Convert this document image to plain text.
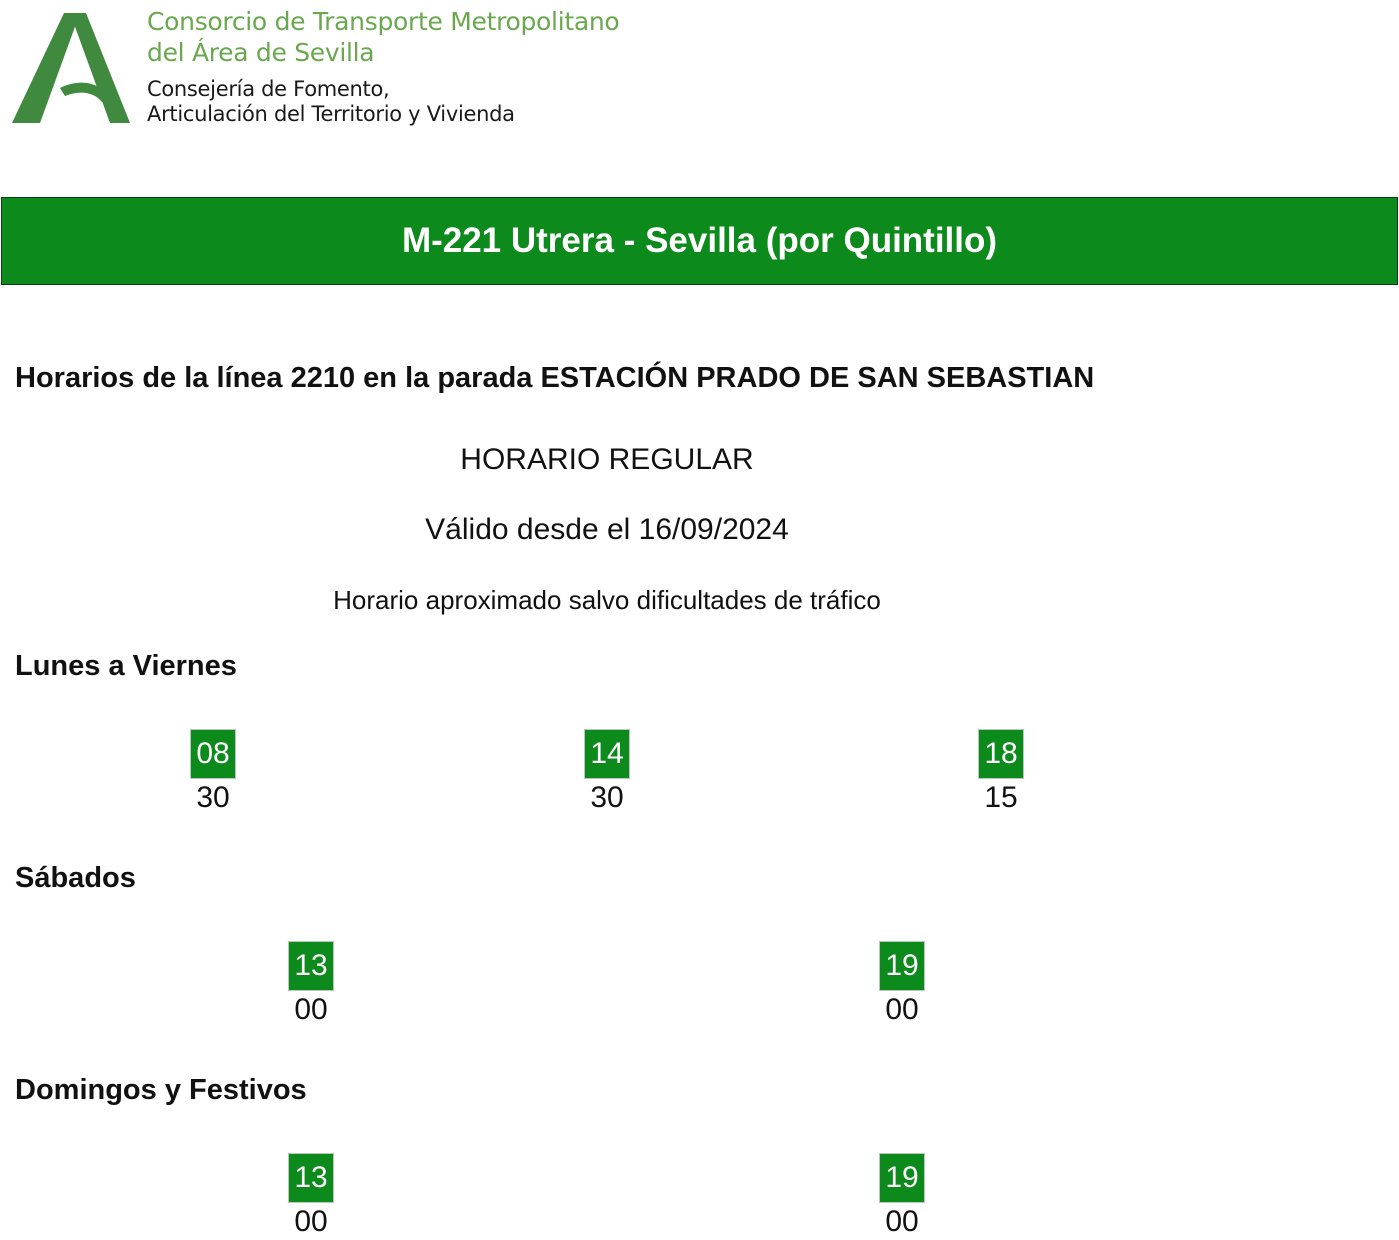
Consorcio de Transporte Metropolitano
del Área de Sevilla
Consejería de Fomento,
Articulación del Territorio y Vivienda
M-221 Utrera - Sevilla (por Quintillo)
Horarios de la línea 2210 en la parada ESTACIÓN PRADO DE SAN SEBASTIAN
HORARIO REGULAR
Válido desde el 16/09/2024
Horario aproximado salvo dificultades de tráfico
Lunes a Viernes
08
30
14
30
18
15
Sábados
13
00
19
00
Domingos y Festivos
13
00
19
00
